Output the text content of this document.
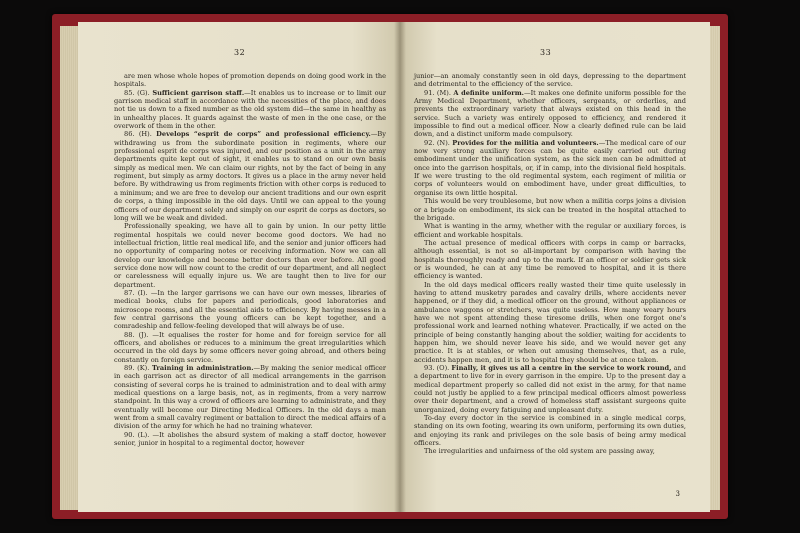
32

are men whose whole hopes of promotion depends on doing good work in the hospitals.

85. (G). Sufficient garrison staff.—It enables us to increase or to limit our garrison medical staff in accordance with the necessities of the place, and does not tie us down to a fixed number as the old system did—the same in healthy as in unhealthy places. It guards against the waste of men in the one case, or the overwork of them in the other.

86. (H). Develops “esprit de corps” and professional efficiency.—By withdrawing us from the subordinate position in regiments, where our professional esprit de corps was injured, and our position as a unit in the army departments quite kept out of sight, it enables us to stand on our own basis simply as medical men. We can claim our rights, not by the fact of being in any regiment, but simply as army doctors. It gives us a place in the army never held before. By withdrawing us from regiments friction with other corps is reduced to a minimum; and we are free to develop our ancient traditions and our own esprit de corps, a thing impossible in the old days. Until we can appeal to the young officers of our department solely and simply on our esprit de corps as doctors, so long will we be weak and divided.

Professionally speaking, we have all to gain by union. In our petty little regimental hospitals we could never become good doctors. We had no intellectual friction, little real medical life, and the senior and junior officers had no opportunity of comparing notes or receiving information. Now we can all develop our knowledge and become better doctors than ever before. All good service done now will now count to the credit of our department, and all neglect or carelessness will equally injure us. We are taught then to live for our department.

87. (I). —In the larger garrisons we can have our own messes, libraries of medical books, clubs for papers and periodicals, good laboratories and microscope rooms, and all the essential aids to efficiency. By having messes in a few central garrisons the young officers can be kept together, and a comradeship and fellow-feeling developed that will always be of use.

88. (J). —It equalises the roster for home and for foreign service for all officers, and abolishes or reduces to a minimum the great irregularities which occurred in the old days by some officers never going abroad, and others being constantly on foreign service.

89. (K). Training in administration.—By making the senior medical officer in each garrison act as director of all medical arrangements in the garrison consisting of several corps he is trained to administration and to deal with army medical questions on a large basis, not, as in regiments, from a very narrow standpoint. In this way a crowd of officers are learning to administrate, and they eventually will become our Directing Medical Officers. In the old days a man went from a small cavalry regiment or battalion to direct the medical affairs of a division of the army for which he had no training whatever.

90. (L). —It abolishes the absurd system of making a staff doctor, however senior, junior in hospital to a regimental doctor, however

33

junior—an anomaly constantly seen in old days, depressing to the department and detrimental to the efficiency of the service.

91. (M). A definite uniform.—It makes one definite uniform possible for the Army Medical Department, whether officers, sergeants, or orderlies, and prevents the extraordinary variety that always existed on this head in the service. Such a variety was entirely opposed to efficiency, and rendered it impossible to find out a medical officer. Now a clearly defined rule can be laid down, and a distinct uniform made compulsory.

92. (N). Provides for the militia and volunteers.—The medical care of our now very strong auxiliary forces can be quite easily carried out during embodiment under the unification system, as the sick men can be admitted at once into the garrison hospitals, or, if in camp, into the divisional field hospitals. If we were trusting to the old regimental system, each regiment of militia or corps of volunteers would on embodiment have, under great difficulties, to organise its own little hospital.

This would be very troublesome, but now when a militia corps joins a division or a brigade on embodiment, its sick can be treated in the hospital attached to the brigade.

What is wanting in the army, whether with the regular or auxiliary forces, is efficient and workable hospitals.

The actual presence of medical officers with corps in camp or barracks, although essential, is not so all-important by comparison with having the hospitals thoroughly ready and up to the mark. If an officer or soldier gets sick or is wounded, he can at any time be removed to hospital, and it is there efficiency is wanted.

In the old days medical officers really wasted their time quite uselessly in having to attend musketry parades and cavalry drills, where accidents never happened, or if they did, a medical officer on the ground, without appliances or ambulance waggons or stretchers, was quite useless. How many weary hours have we not spent attending these tiresome drills, when one forgot one's professional work and learned nothing whatever. Practically, if we acted on the principle of being constantly hanging about the soldier, waiting for accidents to happen him, we should never leave his side, and we would never get any practice. It is at stables, or when out amusing themselves, that, as a rule, accidents happen men, and it is to hospital they should be at once taken.

93. (O). Finally, it gives us all a centre in the service to work round, and a department to live for in every garrison in the empire. Up to the present day a medical department properly so called did not exist in the army, for that name could not justly be applied to a few principal medical officers almost powerless over their department, and a crowd of homeless staff assistant surgeons quite unorganized, doing every fatiguing and unpleasant duty.

To-day every doctor in the service is combined in a single medical corps, standing on its own footing, wearing its own uniform, performing its own duties, and enjoying its rank and privileges on the sole basis of being army medical officers.

The irregularities and unfairness of the old system are passing away,

3
